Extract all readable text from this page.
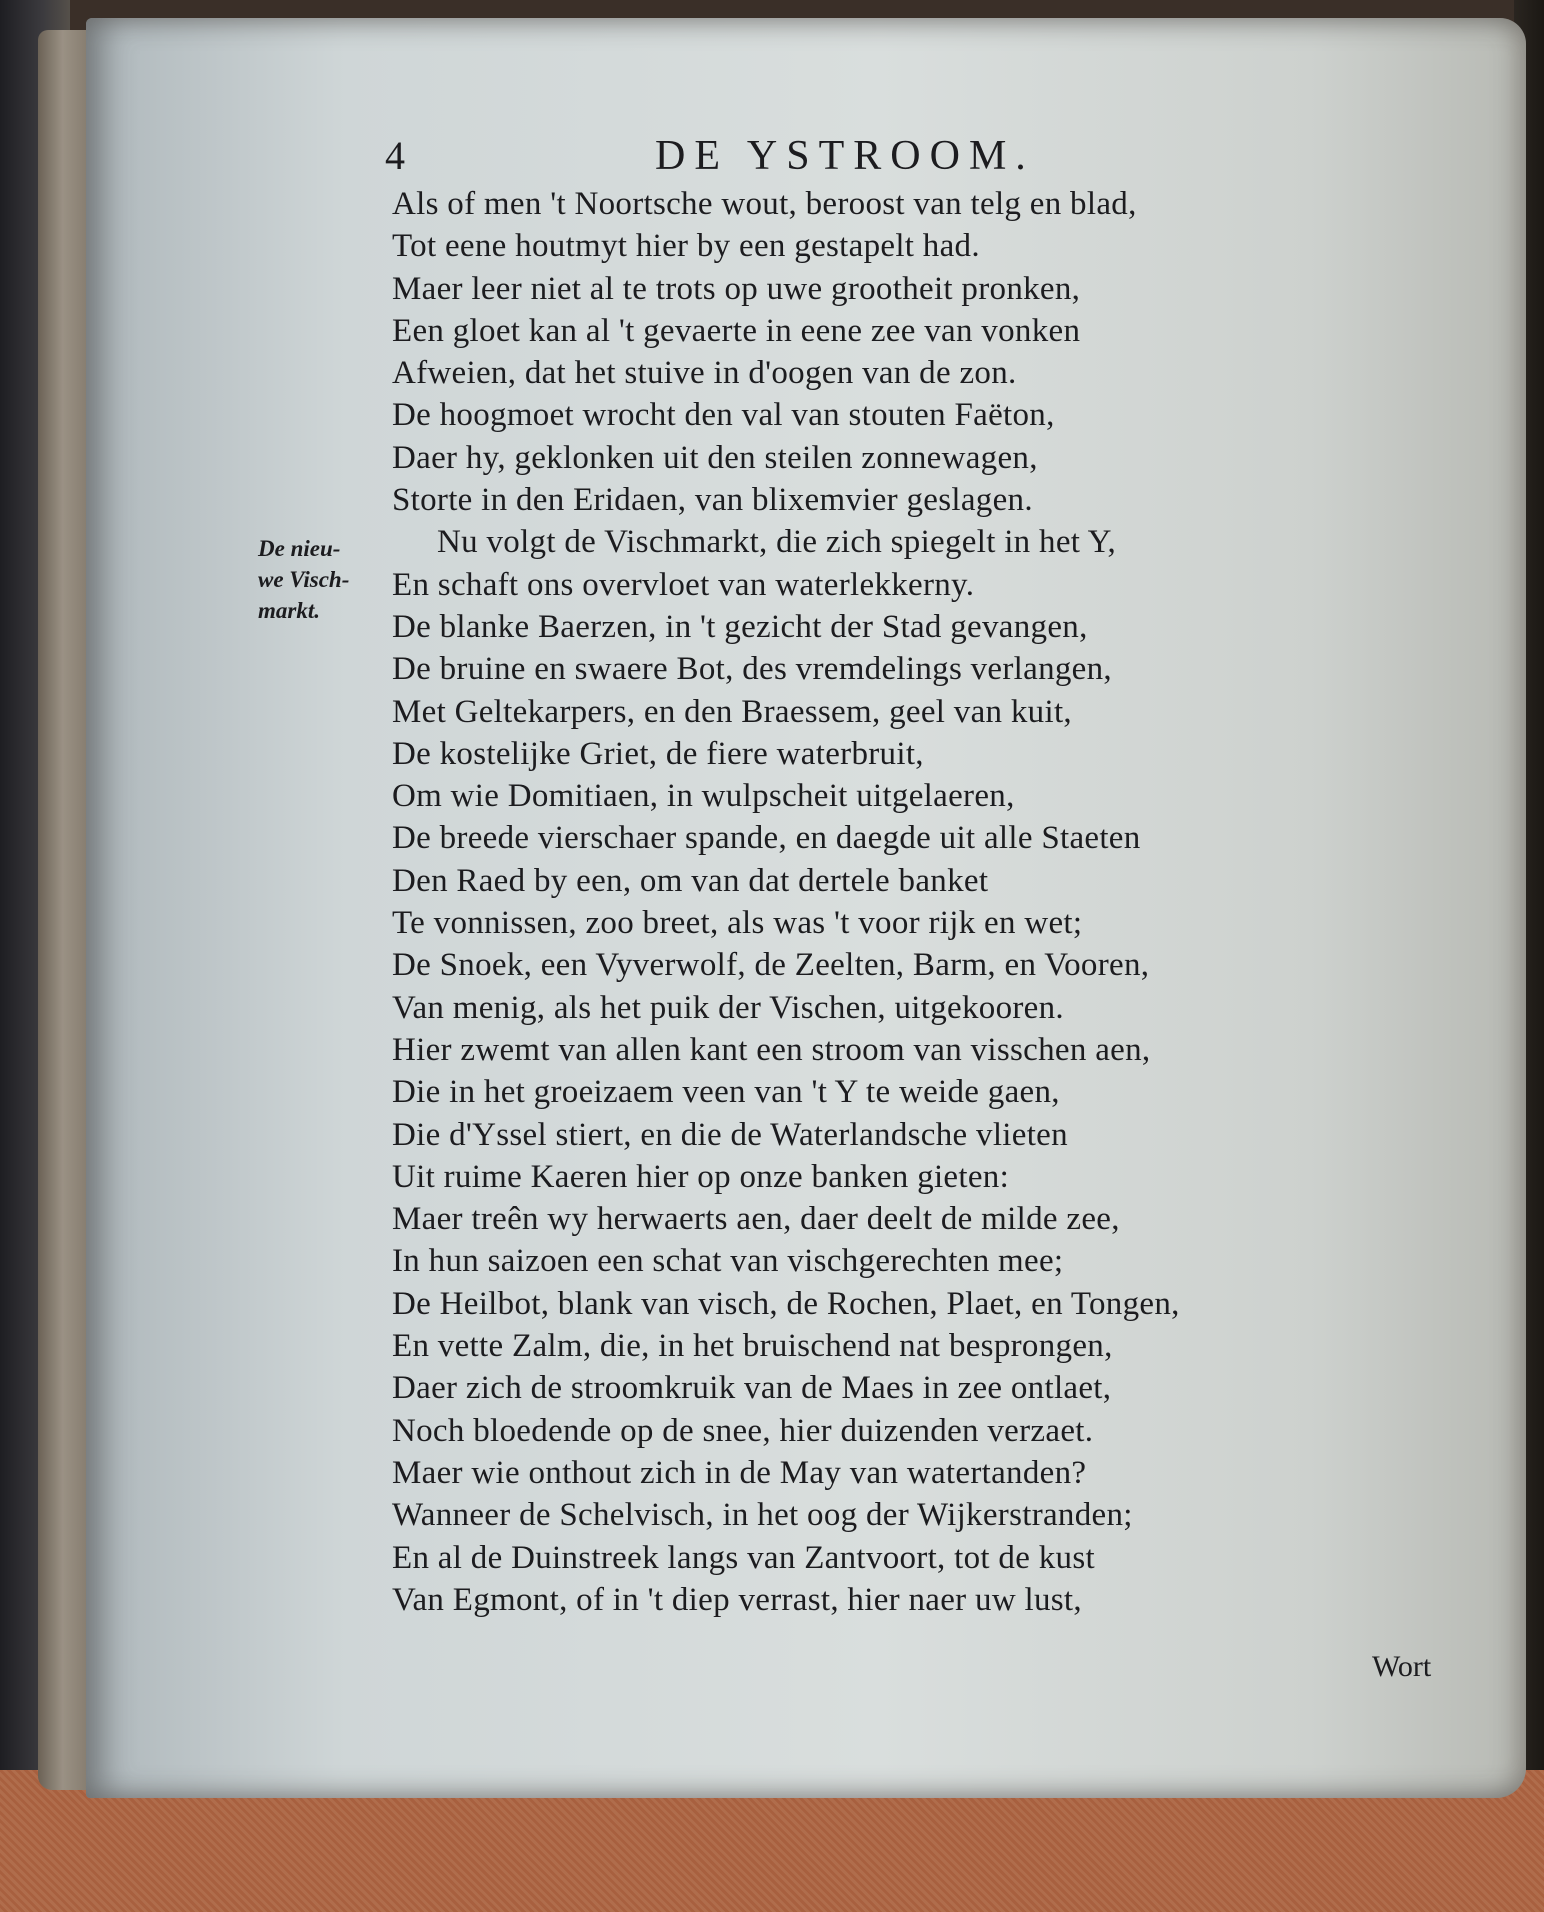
4	DE YSTROOM.
De nieu-
we Visch-
markt.
Als of men 't Noortsche wout, beroost van telg en blad,
Tot eene houtmyt hier by een gestapelt had.
Maer leer niet al te trots op uwe grootheit pronken,
Een gloet kan al 't gevaerte in eene zee van vonken
Afweien, dat het stuive in d'oogen van de zon.
De hoogmoet wrocht den val van stouten Faëton,
Daer hy, geklonken uit den steilen zonnewagen,
Storte in den Eridaen, van blixemvier geslagen.
Nu volgt de Vischmarkt, die zich spiegelt in het Y,
En schaft ons overvloet van waterlekkerny.
De blanke Baerzen, in 't gezicht der Stad gevangen,
De bruine en swaere Bot, des vremdelings verlangen,
Met Geltekarpers, en den Braessem, geel van kuit,
De kostelijke Griet, de fiere waterbruit,
Om wie Domitiaen, in wulpscheit uitgelaeren,
De breede vierschaer spande, en daegde uit alle Staeten
Den Raed by een, om van dat dertele banket
Te vonnissen, zoo breet, als was 't voor rijk en wet;
De Snoek, een Vyverwolf, de Zeelten, Barm, en Vooren,
Van menig, als het puik der Vischen, uitgekooren.
Hier zwemt van allen kant een stroom van visschen aen,
Die in het groeizaem veen van 't Y te weide gaen,
Die d'Yssel stiert, en die de Waterlandsche vlieten
Uit ruime Kaeren hier op onze banken gieten:
Maer treên wy herwaerts aen, daer deelt de milde zee,
In hun saizoen een schat van vischgerechten mee;
De Heilbot, blank van visch, de Rochen, Plaet, en Tongen,
En vette Zalm, die, in het bruischend nat besprongen,
Daer zich de stroomkruik van de Maes in zee ontlaet,
Noch bloedende op de snee, hier duizenden verzaet.
Maer wie onthout zich in de May van watertanden?
Wanneer de Schelvisch, in het oog der Wijkerstranden;
En al de Duinstreek langs van Zantvoort, tot de kust
Van Egmont, of in 't diep verrast, hier naer uw lust,
Wort
